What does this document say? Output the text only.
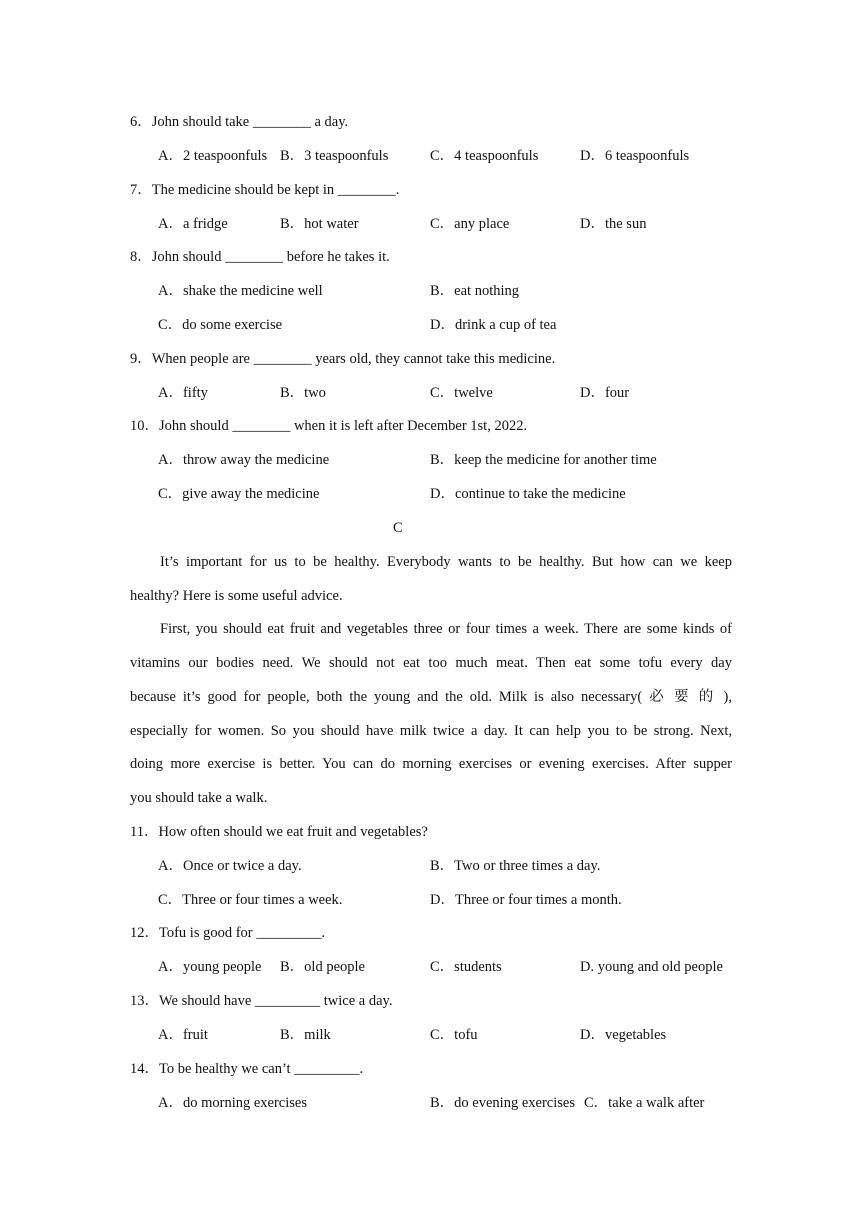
6．John should take ________ a day.
A．2 teaspoonfuls B．3 teaspoonfuls	C．4 teaspoonfuls	D．6 teaspoonfuls
7．The medicine should be kept in ________.
A．a fridge	B．hot water	C．any place	D．the sun
8．John should ________ before he takes it.
A．shake the medicine well	B．eat nothing
C．do some exercise	D．drink a cup of tea
9．When people are ________ years old, they cannot take this medicine.
A．fifty	B．two	C．twelve	D．four
10．John should ________ when it is left after December 1st, 2022.
A．throw away the medicine	B．keep the medicine for another time
C．give away the medicine	D．continue to take the medicine
C
It’s important for us to be healthy. Everybody wants to be healthy. But how can we keep
healthy? Here is some useful advice.
First, you should eat fruit and vegetables three or four times a week. There are some kinds of
vitamins our bodies need. We should not eat too much meat. Then eat some tofu every day
because it’s good for people, both the young and the old. Milk is also necessary( 必 要 的 ),
especially for women. So you should have milk twice a day. It can help you to be strong. Next,
doing more exercise is better. You can do morning exercises or evening exercises. After supper
you should take a walk.
11．How often should we eat fruit and vegetables?
A．Once or twice a day.	B．Two or three times a day.
C．Three or four times a week.	D．Three or four times a month.
12．Tofu is good for _________.
A．young people B．old people	C．students	D. young and old people
13．We should have _________ twice a day.
A．fruit	B．milk	C．tofu	D．vegetables
14．To be healthy we can’t _________.
A．do morning exercises	B．do evening exercises C．take a walk after
